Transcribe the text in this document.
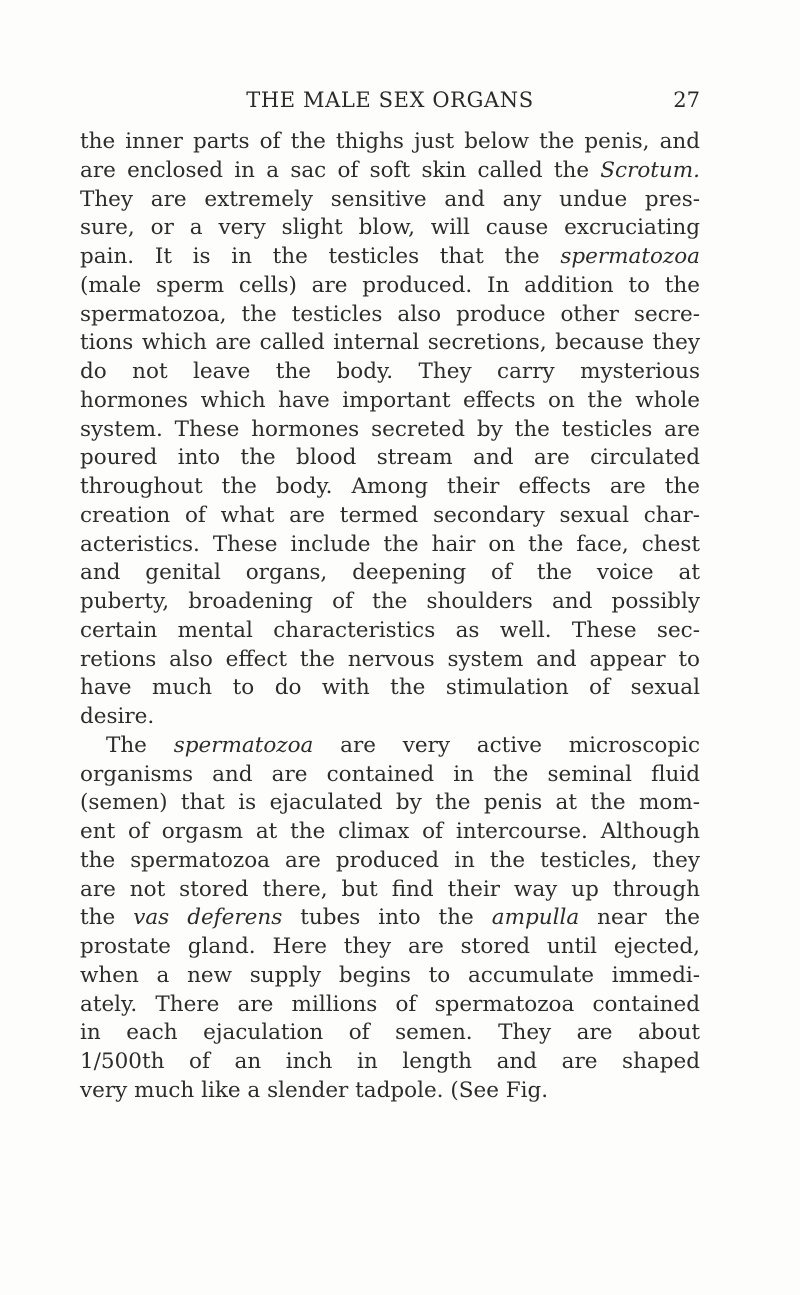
THE MALE SEX ORGANS	27
the inner parts of the thighs just below the penis, and
are enclosed in a sac of soft skin called the Scrotum.
They are extremely sensitive and any undue pres-
sure, or a very slight blow, will cause excruciating
pain. It is in the testicles that the spermatozoa
(male sperm cells) are produced. In addition to the
spermatozoa, the testicles also produce other secre-
tions which are called internal secretions, because they
do not leave the body. They carry mysterious
hormones which have important effects on the whole
system. These hormones secreted by the testicles are
poured into the blood stream and are circulated
throughout the body. Among their effects are the
creation of what are termed secondary sexual char-
acteristics. These include the hair on the face, chest
and genital organs, deepening of the voice at
puberty, broadening of the shoulders and possibly
certain mental characteristics as well. These sec-
retions also effect the nervous system and appear to
have much to do with the stimulation of sexual
desire.
The spermatozoa are very active microscopic
organisms and are contained in the seminal fluid
(semen) that is ejaculated by the penis at the mom-
ent of orgasm at the climax of intercourse. Although
the spermatozoa are produced in the testicles, they
are not stored there, but find their way up through
the vas deferens tubes into the ampulla near the
prostate gland. Here they are stored until ejected,
when a new supply begins to accumulate immedi-
ately. There are millions of spermatozoa contained
in each ejaculation of semen. They are about
1/500th of an inch in length and are shaped
very much like a slender tadpole. (See Fig.
